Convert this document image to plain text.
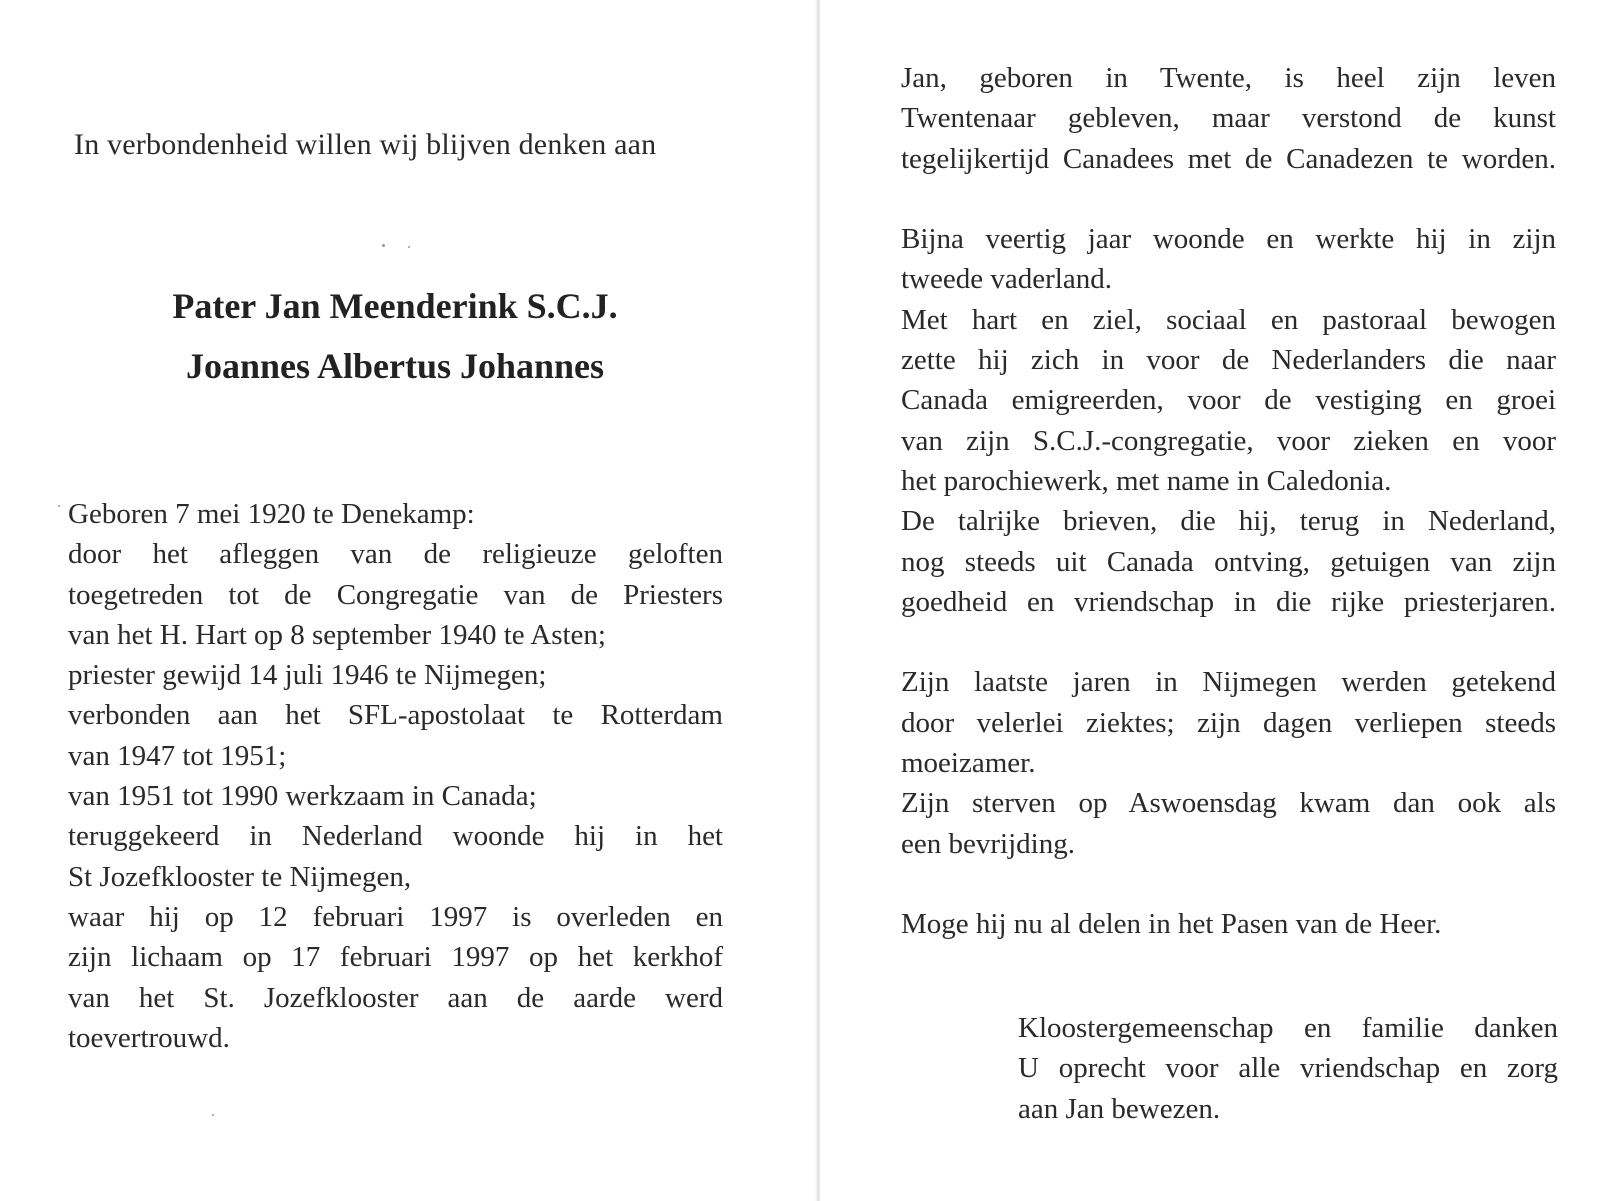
In verbondenheid willen wij blijven denken aan
Pater Jan Meenderink S.C.J.
Joannes Albertus Johannes
Geboren 7 mei 1920 te Denekamp:
door het afleggen van de religieuze geloften
toegetreden tot de Congregatie van de Priesters
van het H. Hart op 8 september 1940 te Asten;
priester gewijd 14 juli 1946 te Nijmegen;
verbonden aan het SFL-apostolaat te Rotterdam
van 1947 tot 1951;
van 1951 tot 1990 werkzaam in Canada;
teruggekeerd in Nederland woonde hij in het
St Jozefklooster te Nijmegen,
waar hij op 12 februari 1997 is overleden en
zijn lichaam op 17 februari 1997 op het kerkhof
van het St. Jozefklooster aan de aarde werd
toevertrouwd.
Jan, geboren in Twente, is heel zijn leven
Twentenaar gebleven, maar verstond de kunst
tegelijkertijd Canadees met de Canadezen te worden.
Bijna veertig jaar woonde en werkte hij in zijn
tweede vaderland.
Met hart en ziel, sociaal en pastoraal bewogen
zette hij zich in voor de Nederlanders die naar
Canada emigreerden, voor de vestiging en groei
van zijn S.C.J.-congregatie, voor zieken en voor
het parochiewerk, met name in Caledonia.
De talrijke brieven, die hij, terug in Nederland,
nog steeds uit Canada ontving, getuigen van zijn
goedheid en vriendschap in die rijke priesterjaren.
Zijn laatste jaren in Nijmegen werden getekend
door velerlei ziektes; zijn dagen verliepen steeds
moeizamer.
Zijn sterven op Aswoensdag kwam dan ook als
een bevrijding.
Moge hij nu al delen in het Pasen van de Heer.
Kloostergemeenschap en familie danken
U oprecht voor alle vriendschap en zorg
aan Jan bewezen.
